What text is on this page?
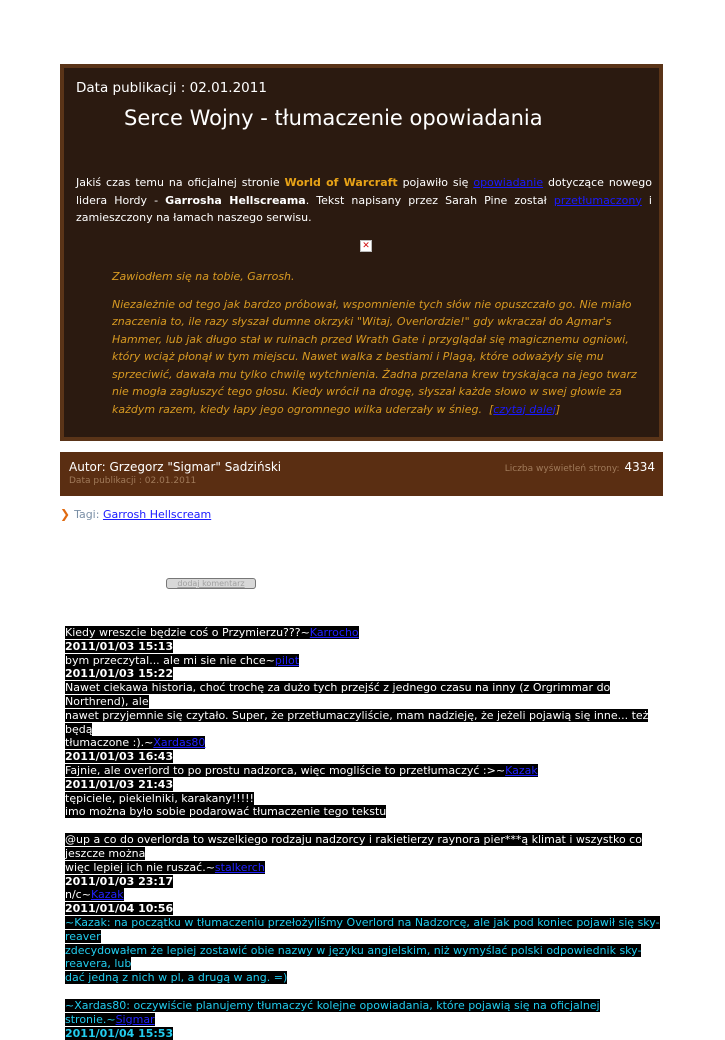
Data publikacji : 02.01.2011
Serce Wojny - tłumaczenie opowiadania
Jakiś czas temu na oficjalnej stronie World of Warcraft pojawiło się opowiadanie dotyczące nowego lidera Hordy - Garrosha Hellscreama. Tekst napisany przez Sarah Pine został przetłumaczony i zamieszczony na łamach naszego serwisu.
✕

Zawiodłem się na tobie, Garrosh.

Niezależnie od tego jak bardzo próbował, wspomnienie tych słów nie opuszczało go. Nie miało znaczenia to, ile razy słyszał dumne okrzyki "Witaj, Overlordzie!" gdy wkraczał do Agmar's Hammer, lub jak długo stał w ruinach przed Wrath Gate i przyglądał się magicznemu ogniowi, który wciąż płonął w tym miejscu. Nawet walka z bestiami i Plagą, które odważyły się mu sprzeciwić, dawała mu tylko chwilę wytchnienia. Żadna przelana krew tryskająca na jego twarz nie mogła zagłuszyć tego głosu. Kiedy wrócił na drogę, słyszał każde słowo w swej głowie za każdym razem, kiedy łapy jego ogromnego wilka uderzały w śnieg. [czytaj dalej]

Autor: Grzegorz "Sigmar" Sadziński
Data publikacji : 02.01.2011
Liczba wyświetleń strony: 4334
❯ Tagi: Garrosh Hellscream
dodaj komentarz
Kiedy wreszcie będzie coś o Przymierzu???~Karrocho
2011/01/03 15:13
bym przeczytal... ale mi sie nie chce~pilot
2011/01/03 15:22
Nawet ciekawa historia, choć trochę za dużo tych przejść z jednego czasu na inny (z Orgrimmar do Northrend), ale
nawet przyjemnie się czytało. Super, że przetłumaczyliście, mam nadzieję, że jeżeli pojawią się inne... też będą
tłumaczone :).~Xardas80
2011/01/03 16:43
Fajnie, ale overlord to po prostu nadzorca, więc mogliście to przetłumaczyć :>~Kazak
2011/01/03 21:43
tępiciele, piekielniki, karakany!!!!!
imo można było sobie podarować tłumaczenie tego tekstu
@up a co do overlorda to wszelkiego rodzaju nadzorcy i rakietierzy raynora pier***ą klimat i wszystko co jeszcze można
więc lepiej ich nie ruszać.~stalkerch
2011/01/03 23:17
n/c~Kazak
2011/01/04 10:56
~Kazak: na początku w tłumaczeniu przełożyliśmy Overlord na Nadzorcę, ale jak pod koniec pojawił się sky-reaver
zdecydowałem że lepiej zostawić obie nazwy w języku angielskim, niż wymyślać polski odpowiednik sky-reavera, lub
dać jedną z nich w pl, a drugą w ang. =)
~Xardas80: oczywiście planujemy tłumaczyć kolejne opowiadania, które pojawią się na oficjalnej stronie.~Sigmar
2011/01/04 15:53
